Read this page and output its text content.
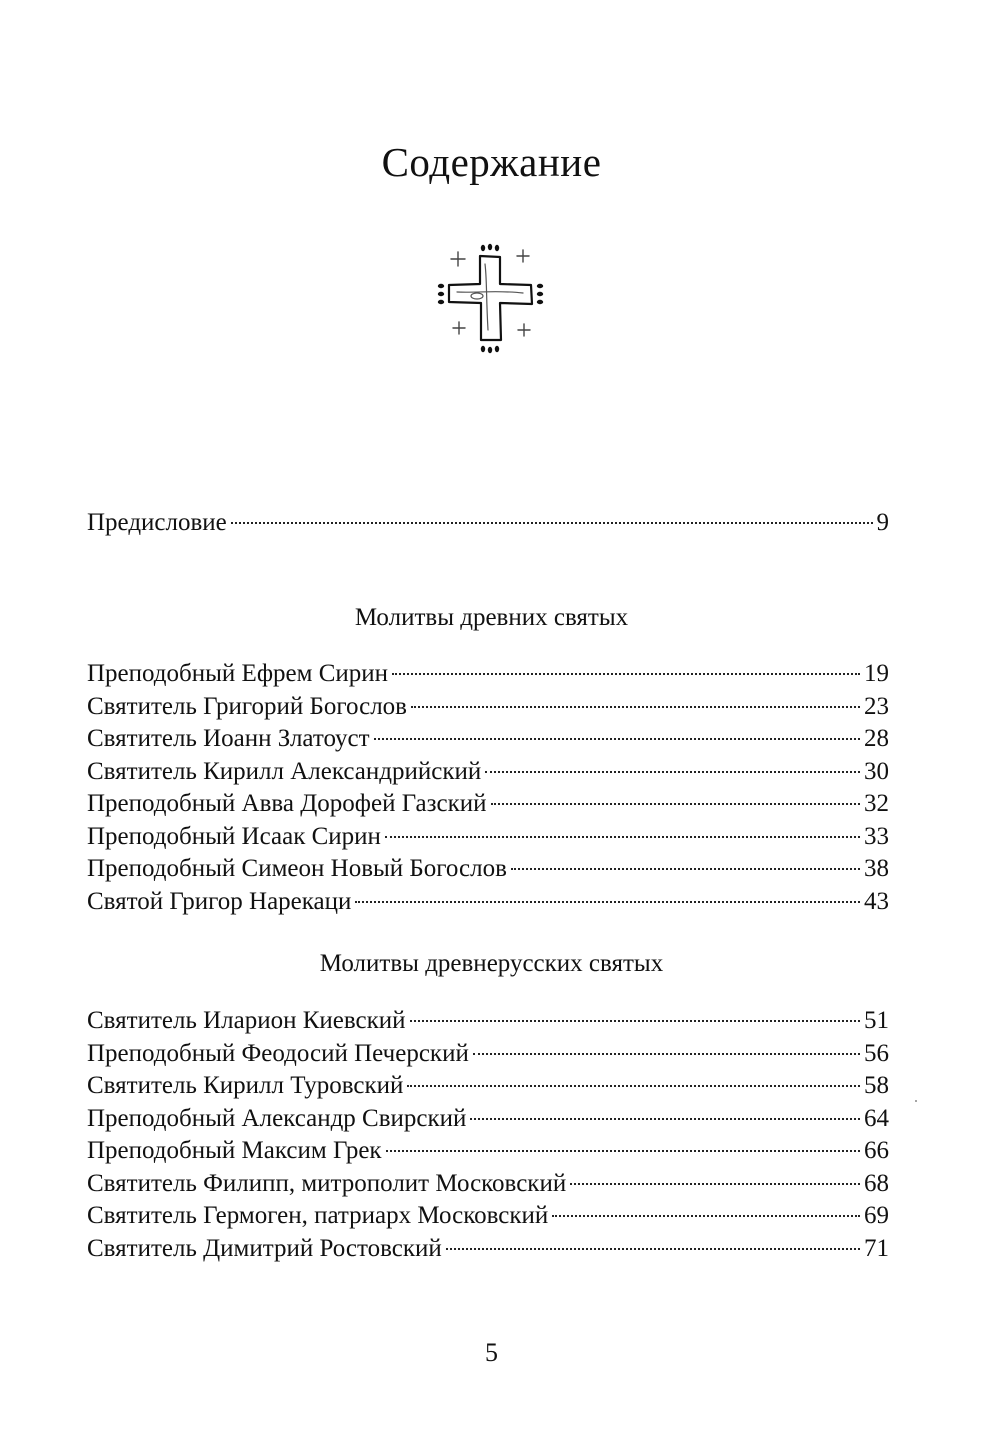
Содержание
Предисловие	9
Молитвы древних святых
Преподобный Ефрем Сирин	19
Святитель Григорий Богослов	23
Святитель Иоанн Златоуст	28
Святитель Кирилл Александрийский	30
Преподобный Авва Дорофей Газский	32
Преподобный Исаак Сирин	33
Преподобный Симеон Новый Богослов	38
Святой Григор Нарекаци	43
Молитвы древнерусских святых
Святитель Иларион Киевский	51
Преподобный Феодосий Печерский	56
Святитель Кирилл Туровский	58
Преподобный Александр Свирский	64
Преподобный Максим Грек	66
Святитель Филипп, митрополит Московский	68
Святитель Гермоген, патриарх Московский	69
Святитель Димитрий Ростовский	71
5
